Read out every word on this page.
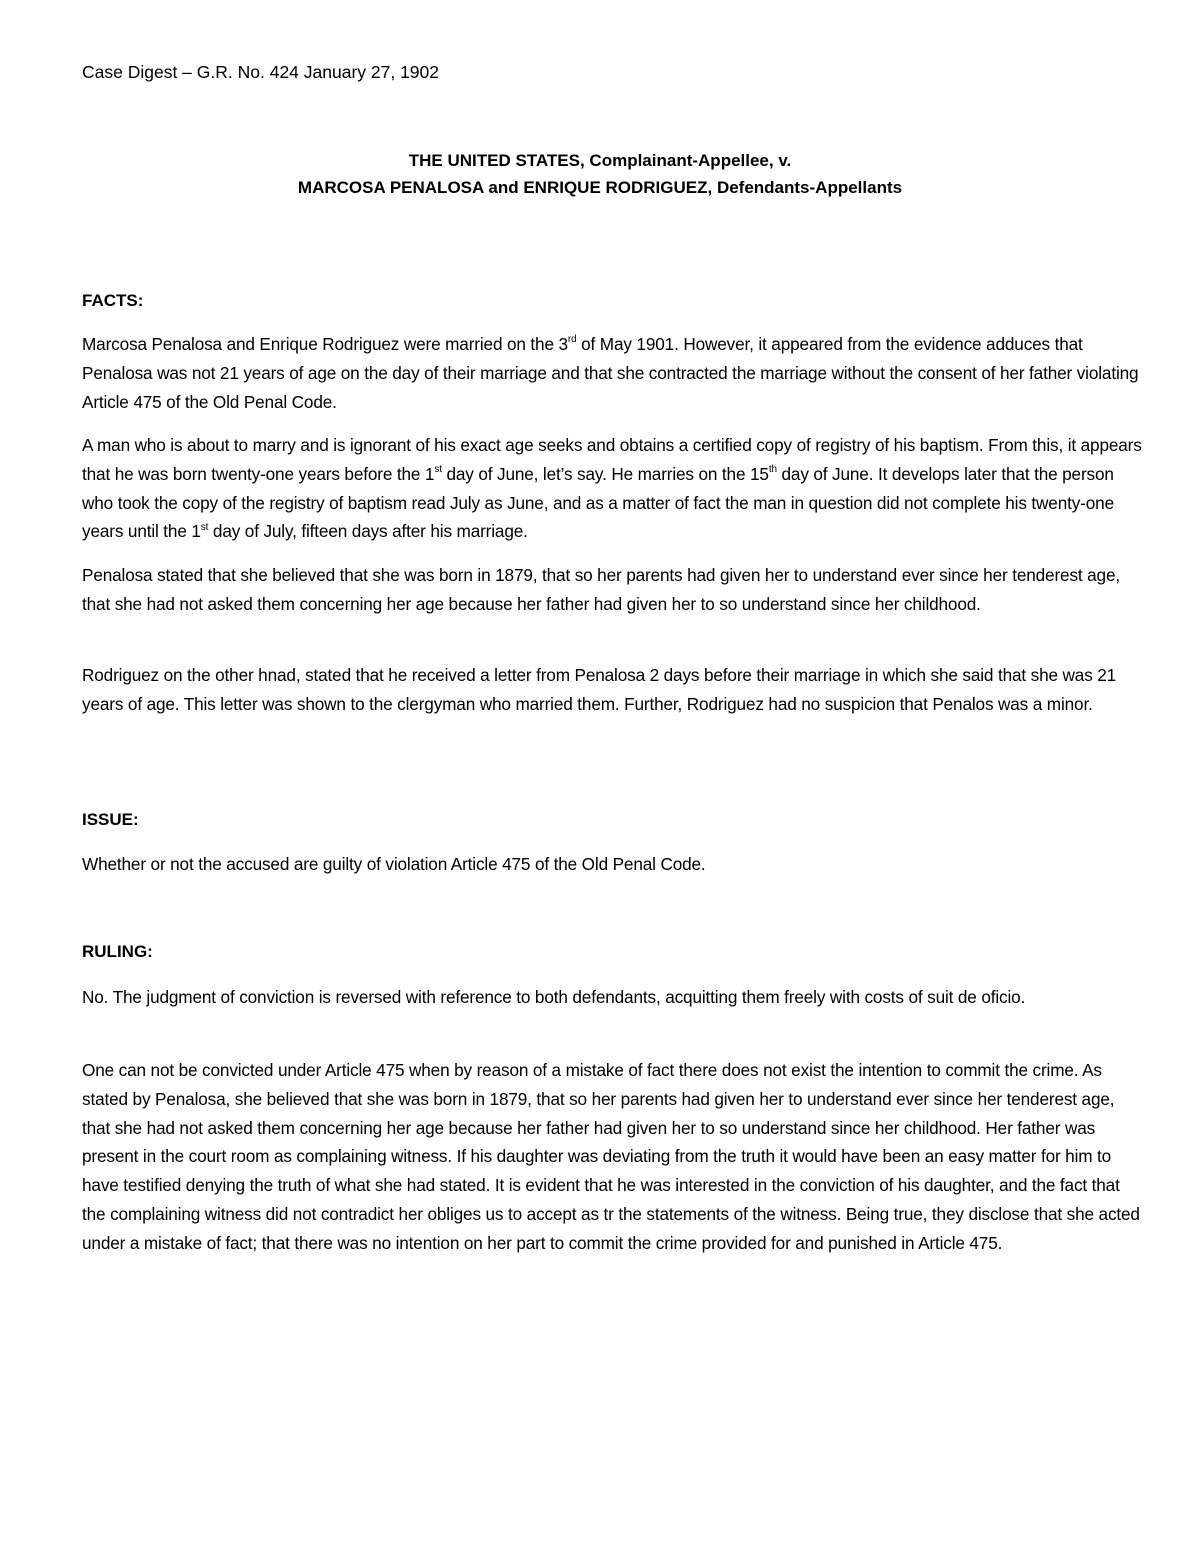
Case Digest – G.R. No. 424 January 27, 1902
THE UNITED STATES, Complainant-Appellee, v.
MARCOSA PENALOSA and ENRIQUE RODRIGUEZ, Defendants-Appellants
FACTS:
Marcosa Penalosa and Enrique Rodriguez were married on the 3rd of May 1901. However, it appeared from the evidence adduces that Penalosa was not 21 years of age on the day of their marriage and that she contracted the marriage without the consent of her father violating Article 475 of the Old Penal Code.
A man who is about to marry and is ignorant of his exact age seeks and obtains a certified copy of registry of his baptism. From this, it appears that he was born twenty-one years before the 1st day of June, let’s say. He marries on the 15th day of June. It develops later that the person who took the copy of the registry of baptism read July as June, and as a matter of fact the man in question did not complete his twenty-one years until the 1st day of July, fifteen days after his marriage.
Penalosa stated that she believed that she was born in 1879, that so her parents had given her to understand ever since her tenderest age, that she had not asked them concerning her age because her father had given her to so understand since her childhood.
Rodriguez on the other hnad, stated that he received a letter from Penalosa 2 days before their marriage in which she said that she was 21 years of age. This letter was shown to the clergyman who married them. Further, Rodriguez had no suspicion that Penalos was a minor.
ISSUE:
Whether or not the accused are guilty of violation Article 475 of the Old Penal Code.
RULING:
No. The judgment of conviction is reversed with reference to both defendants, acquitting them freely with costs of suit de oficio.
One can not be convicted under Article 475 when by reason of a mistake of fact there does not exist the intention to commit the crime. As stated by Penalosa, she believed that she was born in 1879, that so her parents had given her to understand ever since her tenderest age, that she had not asked them concerning her age because her father had given her to so understand since her childhood. Her father was present in the court room as complaining witness. If his daughter was deviating from the truth it would have been an easy matter for him to have testified denying the truth of what she had stated. It is evident that he was interested in the conviction of his daughter, and the fact that the complaining witness did not contradict her obliges us to accept as tr the statements of the witness. Being true, they disclose that she acted under a mistake of fact; that there was no intention on her part to commit the crime provided for and punished in Article 475.
